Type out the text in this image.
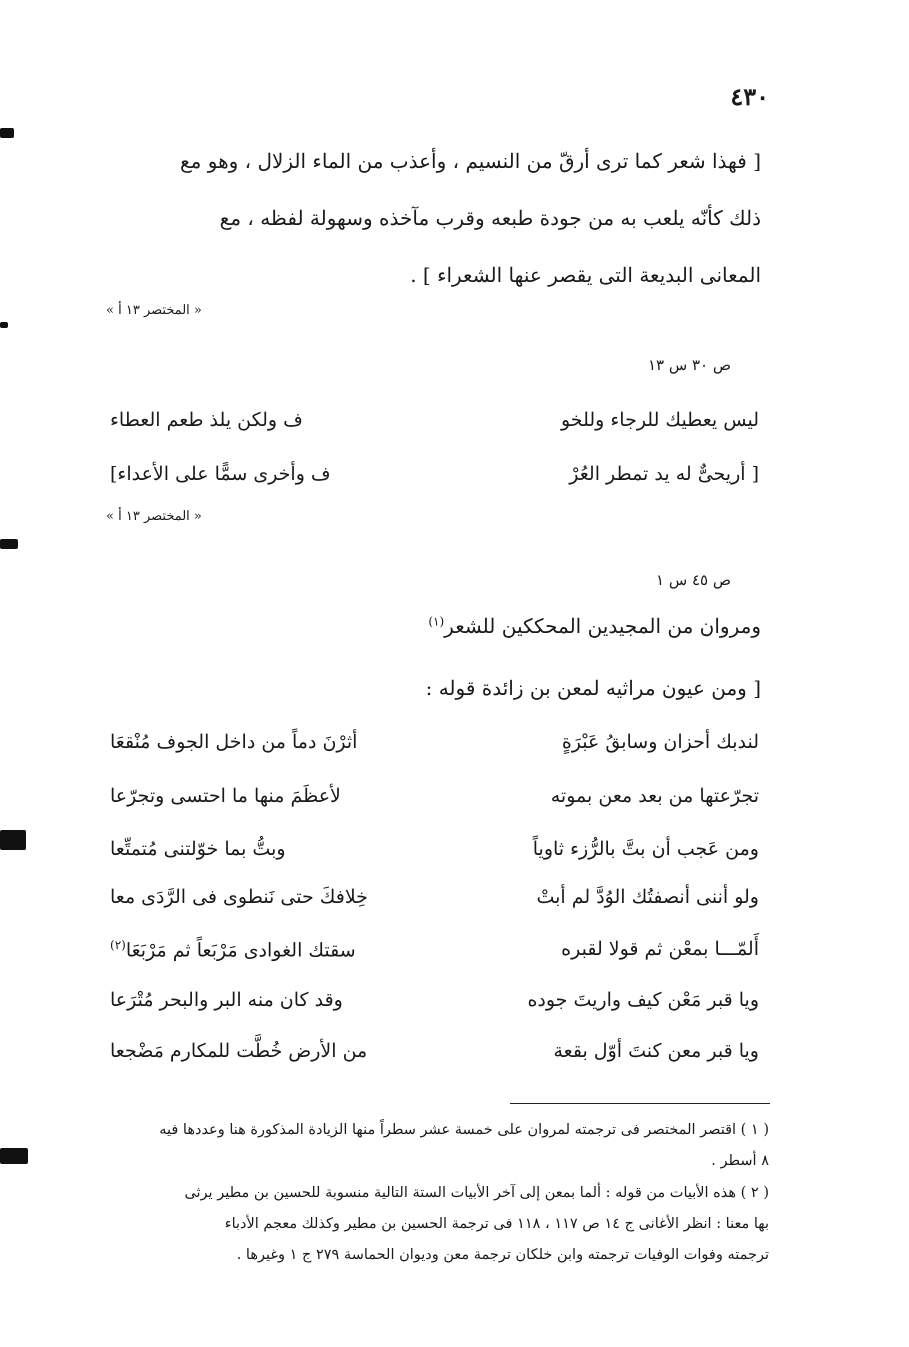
٤٣٠
[ فهذا شعر كما ترى أرقّ من النسيم ، وأعذب من الماء الزلال ، وهو مع
ذلك كأنّه يلعب به من جودة طبعه وقرب مآخذه وسهولة لفظه ، مع
المعانى البديعة التى يقصر عنها الشعراء ] .
« المختصر ١٣ أ »
ص ٣٠ س ١٣
ليس يعطيك للرجاء وللخو
ف ولكن يلذ طعم العطاء
[ أريحىٌّ له يد تمطر العُرْ
ف وأخرى سمًّا على الأعداء]
« المختصر ١٣ أ »
ص ٤٥ س ١
ومروان من المجيدين المحككين للشعر$^{(١)}$
[ ومن عيون مراثيه لمعن بن زائدة قوله :
لندبك أحزان وسابقُ عَبْرَةٍ
أثرْنَ دماً من داخل الجوف مُنْقعَا
تجرّعتها من بعد معن بموته
لأعظَمَ منها ما احتسى وتجرّعا
ومن عَجب أن بتَّ بالرُّزء ثاوياً
وبتُّ بما خوّلتنى مُتمتِّعا
ولو أننى أنصفتُك الوُدَّ لم أبتْ
خِلافكَ حتى نَنطوى فى الرَّدَى معا
أَلمّـــا بمعْن ثم قولا لقبره
سقتك الغوادى مَرْبَعاً ثم مَرْبَعَا$^{(٢)}$
ويا قبر مَعْن كيف واريتَ جوده
وقد كان منه البر والبحر مُتْرَعا
ويا قبر معن كنتَ أوّل بقعة
من الأرض خُطَّت للمكارم مَضْجعا
( ١ ) اقتصر المختصر فى ترجمته لمروان على خمسة عشر سطراً منها الزيادة المذكورة هنا وعددها فيه
٨ أسطر .
( ٢ ) هذه الأبيات من قوله : ألما بمعن إلى آخر الأبيات الستة التالية منسوبة للحسين بن مطير يرثى
بها معنا : انظر الأغانى ج ١٤ ص ١١٧ ، ١١٨ فى ترجمة الحسين بن مطير وكذلك معجم الأدباء
ترجمته وفوات الوفيات ترجمته وابن خلكان ترجمة معن وديوان الحماسة ٢٧٩ ج ١ وغيرها .
